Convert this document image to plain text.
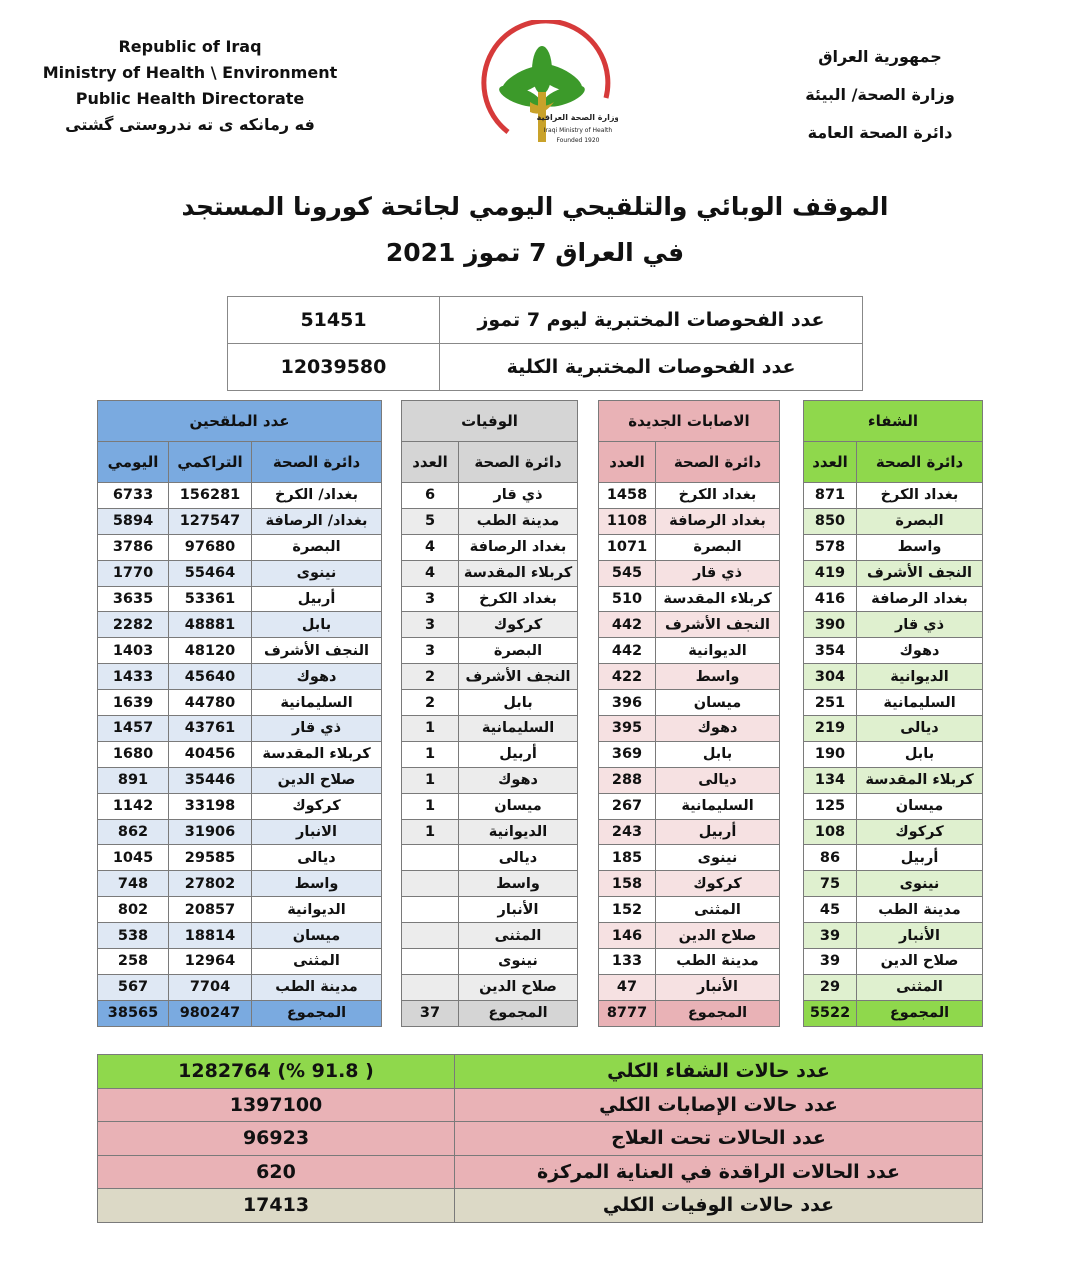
Republic of Iraq
Ministry of Health \ Environment
Public Health Directorate
فه رمانكه ى ته ندروستى گشتى
جمهورية العراق
وزارة الصحة/ البيئة
دائرة الصحة العامة
وزارة الصحة العراقية
Iraqi Ministry of Health
Founded 1920
الموقف الوبائي والتلقيحي اليومي لجائحة كورونا المستجد
في العراق 7 تموز 2021
51451	عدد الفحوصات المختبرية ليوم 7 تموز
12039580	عدد الفحوصات المختبرية الكلية
الشفاء	
العدد	دائرة الصحة
871	بغداد الكرخ
850	البصرة
578	واسط
419	النجف الأشرف
416	بغداد الرصافة
390	ذي قار
354	دهوك
304	الديوانية
251	السليمانية
219	ديالى
190	بابل
134	كربلاء المقدسة
125	ميسان
108	كركوك
86	أربيل
75	نينوى
45	مدينة الطب
39	الأنبار
39	صلاح الدين
29	المثنى
5522	المجموع
الاصابات الجديدة	
العدد	دائرة الصحة
1458	بغداد الكرخ
1108	بغداد الرصافة
1071	البصرة
545	ذي قار
510	كربلاء المقدسة
442	النجف الأشرف
442	الديوانية
422	واسط
396	ميسان
395	دهوك
369	بابل
288	ديالى
267	السليمانية
243	أربيل
185	نينوى
158	كركوك
152	المثنى
146	صلاح الدين
133	مدينة الطب
47	الأنبار
8777	المجموع
الوفيات	
العدد	دائرة الصحة
6	ذي قار
5	مدينة الطب
4	بغداد الرصافة
4	كربلاء المقدسة
3	بغداد الكرخ
3	كركوك
3	البصرة
2	النجف الأشرف
2	بابل
1	السليمانية
1	أربيل
1	دهوك
1	ميسان
1	الديوانية
	ديالى
	واسط
	الأنبار
	المثنى
	نينوى
	صلاح الدين
37	المجموع
عدد الملقحين		
اليومي	التراكمي	دائرة الصحة
6733	156281	بغداد/ الكرخ
5894	127547	بغداد/ الرصافة
3786	97680	البصرة
1770	55464	نينوى
3635	53361	أربيل
2282	48881	بابل
1403	48120	النجف الأشرف
1433	45640	دهوك
1639	44780	السليمانية
1457	43761	ذي قار
1680	40456	كربلاء المقدسة
891	35446	صلاح الدين
1142	33198	كركوك
862	31906	الانبار
1045	29585	ديالى
748	27802	واسط
802	20857	الديوانية
538	18814	ميسان
258	12964	المثنى
567	7704	مدينة الطب
38565	980247	المجموع
1282764 (% 91.8 )	عدد حالات الشفاء الكلي
1397100	عدد حالات الإصابات الكلي
96923	عدد الحالات تحت العلاج
620	عدد الحالات الراقدة في العناية المركزة
17413	عدد حالات الوفيات الكلي
